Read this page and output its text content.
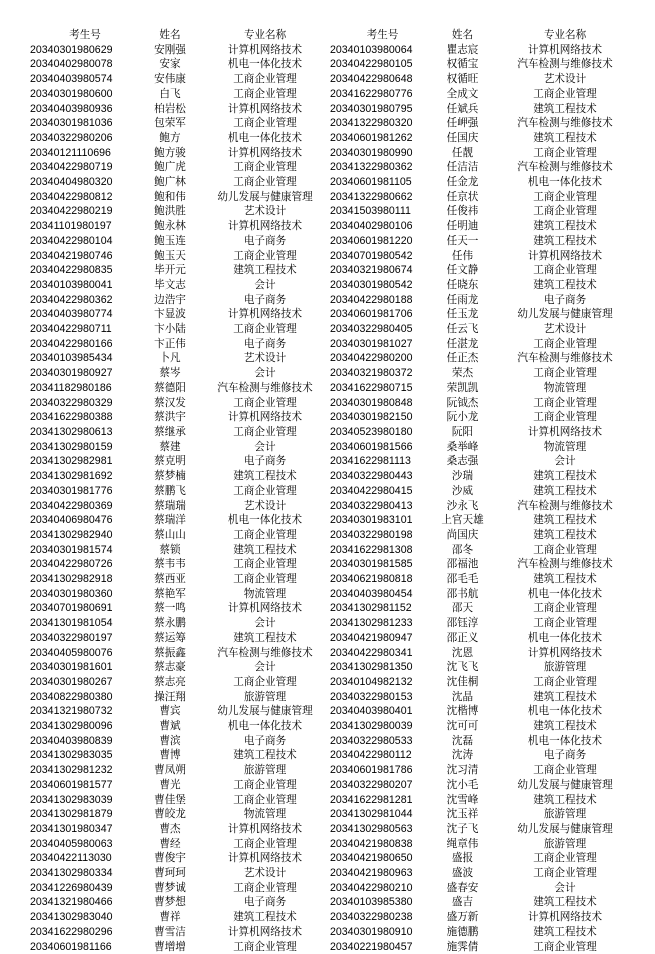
考生号	姓名	专业名称
20340301980629	安刚强	计算机网络技术
20340402980078	安家	机电一体化技术
20340403980574	安伟康	工商企业管理
20340301980600	白飞	工商企业管理
20340403980936	柏岩松	计算机网络技术
20340301981036	包荣军	工商企业管理
20340322980206	鲍方	机电一体化技术
20340121110696	鲍方骏	计算机网络技术
20340422980719	鲍广虎	工商企业管理
20340404980320	鲍广林	工商企业管理
20340422980812	鲍和伟	幼儿发展与健康管理
20340422980219	鲍洪胜	艺术设计
20341101980197	鲍永林	计算机网络技术
20340422980104	鲍玉连	电子商务
20340421980746	鲍玉天	工商企业管理
20340422980835	毕开元	建筑工程技术
20340103980041	毕文志	会计
20340422980362	边浩宇	电子商务
20340403980774	卞显波	计算机网络技术
20340422980711	卞小陆	工商企业管理
20340422980166	卞正伟	电子商务
20340103985434	卜凡	艺术设计
20340301980927	蔡岑	会计
20341182980186	蔡德阳	汽车检测与维修技术
20340322980329	蔡汉发	工商企业管理
20341622980388	蔡洪宇	计算机网络技术
20341302980613	蔡继承	工商企业管理
20341302980159	蔡建	会计
20341302982981	蔡克明	电子商务
20341302981692	蔡梦楠	建筑工程技术
20340301981776	蔡鹏飞	工商企业管理
20340422980369	蔡瑞瑞	艺术设计
20340406980476	蔡瑞洋	机电一体化技术
20341302982940	蔡山山	工商企业管理
20340301981574	蔡锁	建筑工程技术
20340422980726	蔡韦韦	工商企业管理
20341302982918	蔡西亚	工商企业管理
20340301980360	蔡艳军	物流管理
20340701980691	蔡一鸣	计算机网络技术
20341301981054	蔡永鹏	会计
20340322980197	蔡运筹	建筑工程技术
20340405980076	蔡振鑫	汽车检测与维修技术
20340301981601	蔡志豪	会计
20340301980267	蔡志亮	工商企业管理
20340822980380	操汪翔	旅游管理
20341321980732	曹宾	幼儿发展与健康管理
20341302980096	曹斌	机电一体化技术
20340403980839	曹滨	电子商务
20341302983035	曹博	建筑工程技术
20341302981232	曹凤朔	旅游管理
20340601981577	曹光	工商企业管理
20341302983039	曹佳堡	工商企业管理
20341302981879	曹皎龙	物流管理
20341301980347	曹杰	计算机网络技术
20340405980063	曹经	工商企业管理
20340422113030	曹俊宇	计算机网络技术
20341302980334	曹珂珂	艺术设计
20341226980439	曹梦诚	工商企业管理
20341321980466	曹梦想	电子商务
20341302983040	曹祥	建筑工程技术
20341622980296	曹雪洁	计算机网络技术
20340601981166	曹增增	工商企业管理
考生号	姓名	专业名称
20340103980064	瞿志宸	计算机网络技术
20340422980105	权循宝	汽车检测与维修技术
20340422980648	权循旺	艺术设计
20341622980776	全成文	工商企业管理
20340301980795	任斌兵	建筑工程技术
20341322980320	任岬强	汽车检测与维修技术
20340601981262	任国庆	建筑工程技术
20340301980990	任靓	工商企业管理
20341322980362	任洁洁	汽车检测与维修技术
20340601981105	任金龙	机电一体化技术
20341322980662	任京状	工商企业管理
20341503980111	任俊祎	工商企业管理
20340402980106	任明迪	建筑工程技术
20340601981220	任天一	建筑工程技术
20340701980542	任伟	计算机网络技术
20340321980674	任文静	工商企业管理
20340301980542	任晓东	建筑工程技术
20340422980188	任雨龙	电子商务
20340601981706	任玉龙	幼儿发展与健康管理
20340322980405	任云飞	艺术设计
20340301981027	任湛龙	工商企业管理
20340422980200	任正杰	汽车检测与维修技术
20340321980372	荣杰	工商企业管理
20341622980715	荣凯凯	物流管理
20340301980848	阮钺杰	工商企业管理
20340301982150	阮小龙	工商企业管理
20340523980180	阮阳	计算机网络技术
20340601981566	桑举峰	物流管理
20341622981113	桑志强	会计
20340322980443	沙瑞	建筑工程技术
20340422980415	沙威	建筑工程技术
20340322980413	沙永飞	汽车检测与维修技术
20340301983101	上官天雄	建筑工程技术
20340322980198	尚国庆	建筑工程技术
20341622981308	邵冬	工商企业管理
20340301981585	邵福池	汽车检测与维修技术
20340621980818	邵毛毛	建筑工程技术
20340403980454	邵书航	机电一体化技术
20341302981152	邵天	工商企业管理
20341302981233	邵钰淳	工商企业管理
20340421980947	邵正义	机电一体化技术
20340422980341	沈恩	计算机网络技术
20341302981350	沈飞飞	旅游管理
20340104982132	沈佳桐	工商企业管理
20340322980153	沈晶	建筑工程技术
20340403980401	沈楷博	机电一体化技术
20341302980039	沈可可	建筑工程技术
20340322980533	沈磊	机电一体化技术
20340422980112	沈涛	电子商务
20340601981786	沈习清	工商企业管理
20340322980207	沈小毛	幼儿发展与健康管理
20341622981281	沈雪峰	建筑工程技术
20341302981044	沈玉祥	旅游管理
20341302980563	沈子飞	幼儿发展与健康管理
20340421980838	绳章伟	旅游管理
20340421980650	盛报	工商企业管理
20340421980963	盛波	工商企业管理
20340422980210	盛春安	会计
20340103985380	盛吉	建筑工程技术
20340322980238	盛万新	计算机网络技术
20340301980910	施德鹏	建筑工程技术
20340221980457	施霁倩	工商企业管理
